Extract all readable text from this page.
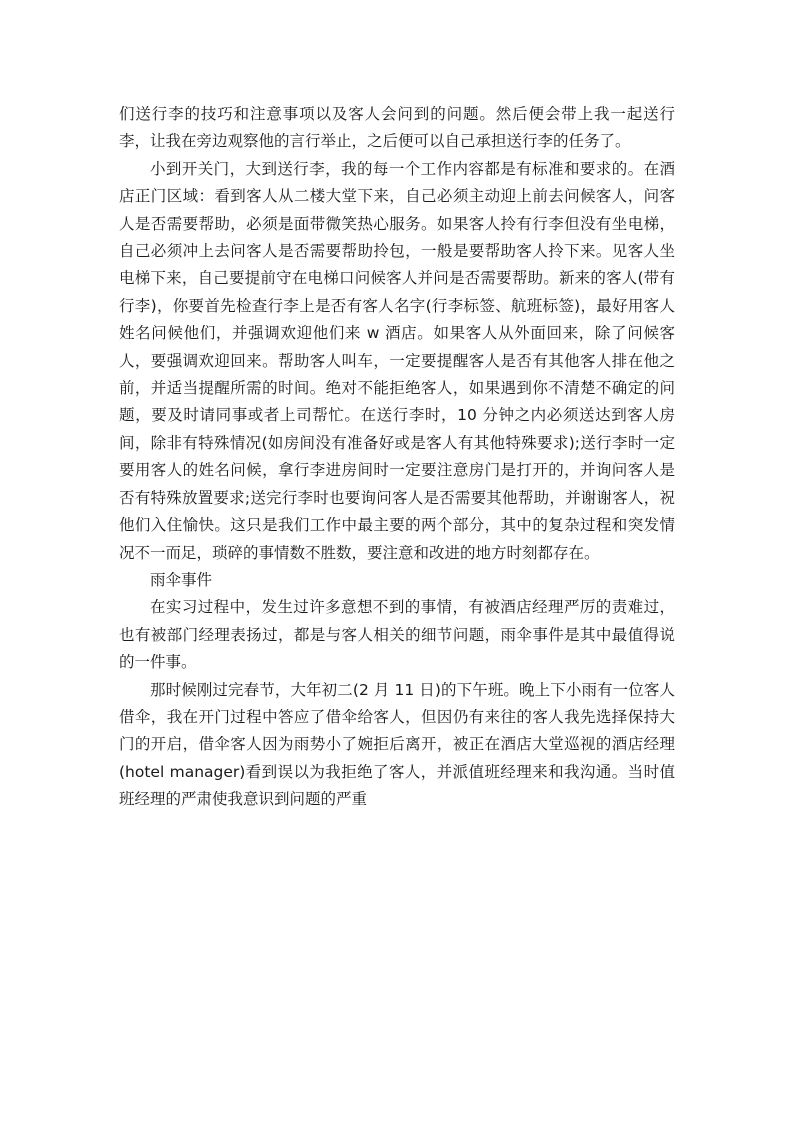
们送行李的技巧和注意事项以及客人会问到的问题。然后便会带上我一起送行李，让我在旁边观察他的言行举止，之后便可以自己承担送行李的任务了。

小到开关门，大到送行李，我的每一个工作内容都是有标准和要求的。在酒店正门区域：看到客人从二楼大堂下来，自己必须主动迎上前去问候客人，问客人是否需要帮助，必须是面带微笑热心服务。如果客人拎有行李但没有坐电梯，自己必须冲上去问客人是否需要帮助拎包，一般是要帮助客人拎下来。见客人坐电梯下来，自己要提前守在电梯口问候客人并问是否需要帮助。新来的客人(带有行李)，你要首先检查行李上是否有客人名字(行李标签、航班标签)，最好用客人姓名问候他们，并强调欢迎他们来 w 酒店。如果客人从外面回来，除了问候客人，要强调欢迎回来。帮助客人叫车，一定要提醒客人是否有其他客人排在他之前，并适当提醒所需的时间。绝对不能拒绝客人，如果遇到你不清楚不确定的问题，要及时请同事或者上司帮忙。在送行李时，10 分钟之内必须送达到客人房间，除非有特殊情况(如房间没有准备好或是客人有其他特殊要求);送行李时一定要用客人的姓名问候，拿行李进房间时一定要注意房门是打开的，并询问客人是否有特殊放置要求;送完行李时也要询问客人是否需要其他帮助，并谢谢客人，祝他们入住愉快。这只是我们工作中最主要的两个部分，其中的复杂过程和突发情况不一而足，琐碎的事情数不胜数，要注意和改进的地方时刻都存在。

雨伞事件

在实习过程中，发生过许多意想不到的事情，有被酒店经理严厉的责难过，也有被部门经理表扬过，都是与客人相关的细节问题，雨伞事件是其中最值得说的一件事。

那时候刚过完春节，大年初二(2 月 11 日)的下午班。晚上下小雨有一位客人借伞，我在开门过程中答应了借伞给客人，但因仍有来往的客人我先选择保持大门的开启，借伞客人因为雨势小了婉拒后离开，被正在酒店大堂巡视的酒店经理(hotel manager)看到误以为我拒绝了客人，并派值班经理来和我沟通。当时值班经理的严肃使我意识到问题的严重
